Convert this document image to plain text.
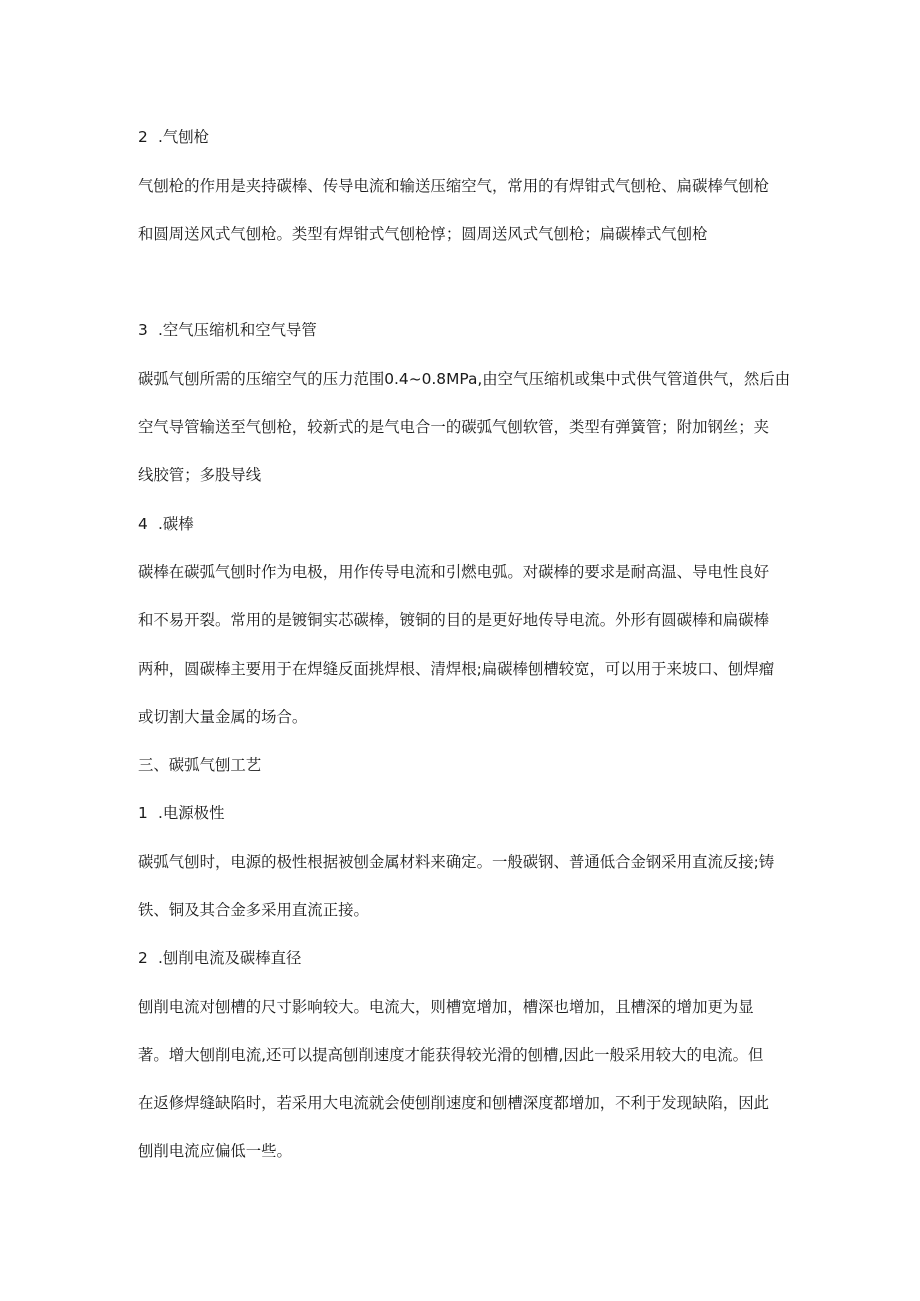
2 .气刨枪

气刨枪的作用是夹持碳棒、传导电流和输送压缩空气，常用的有焊钳式气刨枪、扁碳棒气刨枪

和圆周送风式气刨枪。类型有焊钳式气刨枪惇；圆周送风式气刨枪；扁碳棒式气刨枪

3 .空气压缩机和空气导管

碳弧气刨所需的压缩空气的压力范围0.4~0.8MPa,由空气压缩机或集中式供气管道供气，然后由

空气导管输送至气刨枪，较新式的是气电合一的碳弧气刨软管，类型有弹簧管；附加钢丝；夹

线胶管；多股导线

4 .碳棒

碳棒在碳弧气刨时作为电极，用作传导电流和引燃电弧。对碳棒的要求是耐高温、导电性良好

和不易开裂。常用的是镀铜实芯碳棒，镀铜的目的是更好地传导电流。外形有圆碳棒和扁碳棒

两种，圆碳棒主要用于在焊缝反面挑焊根、清焊根;扁碳棒刨槽较宽，可以用于来坡口、刨焊瘤

或切割大量金属的场合。

三、碳弧气刨工艺

1 .电源极性

碳弧气刨时，电源的极性根据被刨金属材料来确定。一般碳钢、普通低合金钢采用直流反接;铸

铁、铜及其合金多采用直流正接。

2 .刨削电流及碳棒直径

刨削电流对刨槽的尺寸影响较大。电流大，则槽宽增加，槽深也增加，且槽深的增加更为显

著。增大刨削电流,还可以提高刨削速度才能获得较光滑的刨槽,因此一般采用较大的电流。但

在返修焊缝缺陷时，若采用大电流就会使刨削速度和刨槽深度都增加，不利于发现缺陷，因此

刨削电流应偏低一些。
